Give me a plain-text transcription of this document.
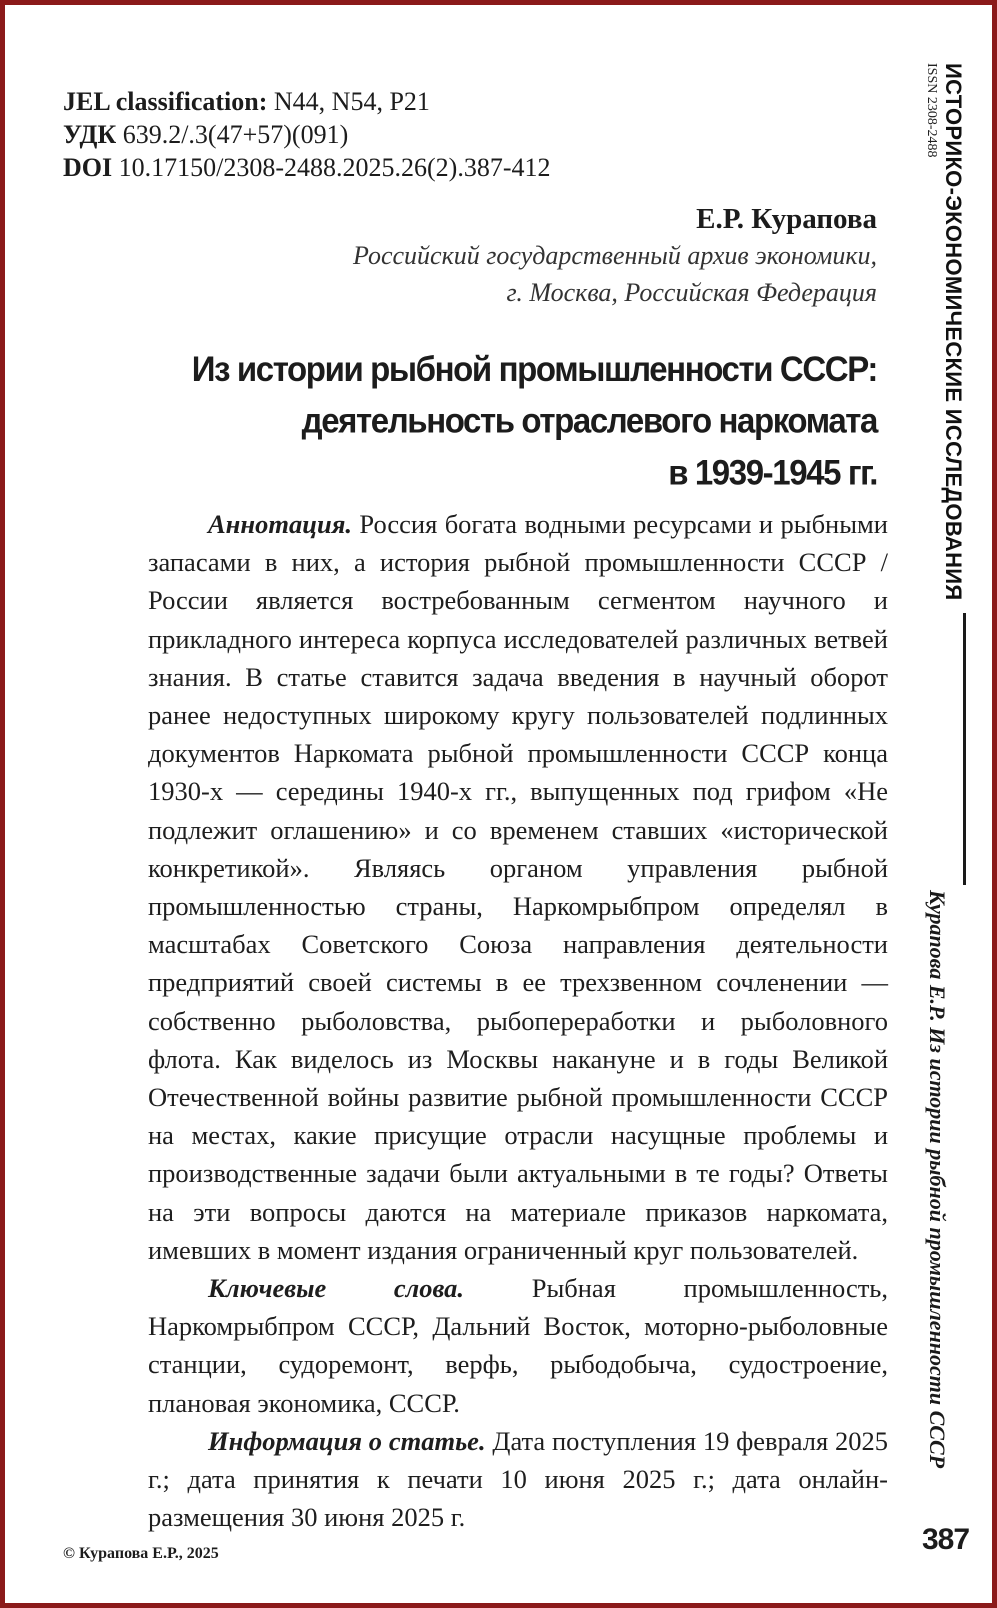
JEL classification: N44, N54, P21
УДК 639.2/.3(47+57)(091)
DOI 10.17150/2308-2488.2025.26(2).387-412
Е.Р. Курапова
Российский государственный архив экономики,
г. Москва, Российская Федерация
Из истории рыбной промышленности СССР:
деятельность отраслевого наркомата
в 1939-1945 гг.

Аннотация. Россия богата водными ресурсами и рыбными запасами в них, а история рыбной промышленности СССР / России является востребованным сегментом научного и прикладного интереса корпуса исследователей различных ветвей знания. В статье ставится задача введения в научный оборот ранее недоступных широкому кругу пользователей подлинных документов Наркомата рыбной промышленности СССР конца 1930-х — середины 1940-х гг., выпущенных под грифом «Не подлежит оглашению» и со временем ставших «исторической конкретикой». Являясь органом управления рыбной промышленностью страны, Наркомрыбпром определял в масштабах Советского Союза направления деятельности предприятий своей системы в ее трехзвенном сочленении — собственно рыболовства, рыбопереработки и рыболовного флота. Как виделось из Москвы накануне и в годы Великой Отечественной войны развитие рыбной промышленности СССР на местах, какие присущие отрасли насущные проблемы и производственные задачи были актуальными в те годы? Ответы на эти вопросы даются на материале приказов наркомата, имевших в момент издания ограниченный круг пользователей.

Ключевые слова.	Рыбная промышленность, Наркомрыбпром СССР, Дальний Восток, моторно-рыболовные станции, судоремонт, верфь, рыбодобыча, судостроение, плановая экономика, СССР.

Информация о статье. Дата поступления 19 февраля 2025 г.; дата принятия к печати 10 июня 2025 г.; дата онлайн-размещения 30 июня 2025 г.

© Курапова Е.Р., 2025
ИСТОРИКО-ЭКОНОМИЧЕСКИЕ ИССЛЕДОВАНИЯ
ISSN 2308-2488
Курапова Е.Р. Из истории рыбной промышленности СССР
387
